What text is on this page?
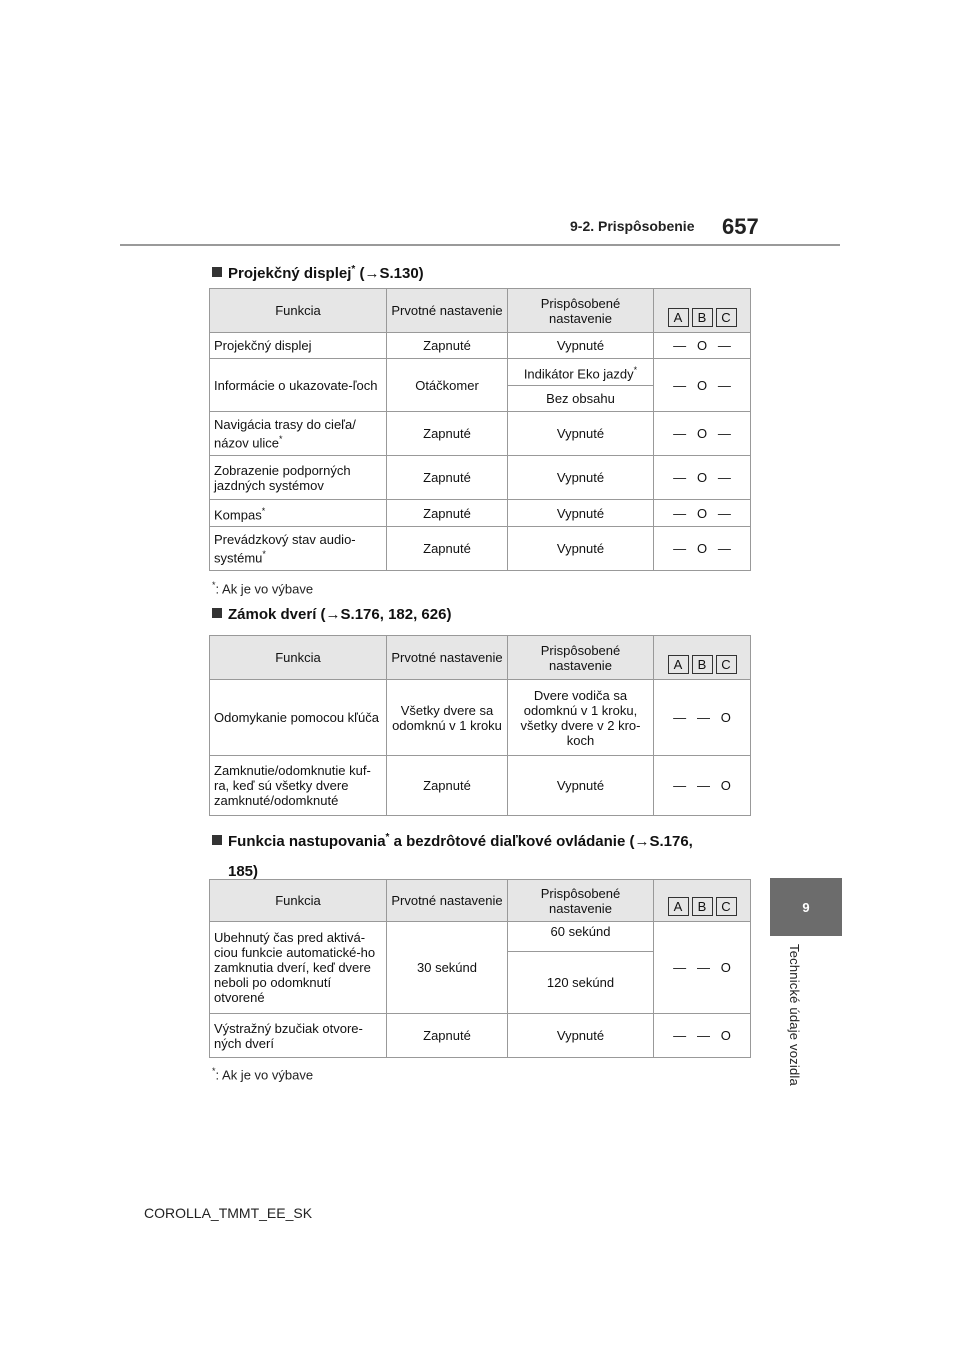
9-2. Prispôsobenie 657
9
Technické údaje vozidla
Projekčný displej* (→S.130)
Funkcia	Prvotné nastavenie	Prispôsobené nastavenie	A B C
Projekčný displej	Zapnuté	Vypnuté	— O —
Informácie o ukazovate-ľoch	Otáčkomer	Indikátor Eko jazdy*	— O —
		Bez obsahu	
Navigácia trasy do cieľa/ názov ulice*	Zapnuté	Vypnuté	— O —
Zobrazenie podporných jazdných systémov	Zapnuté	Vypnuté	— O —
Kompas*	Zapnuté	Vypnuté	— O —
Prevádzkový stav audio-systému*	Zapnuté	Vypnuté	— O —
*: Ak je vo výbave
Zámok dverí (→S.176, 182, 626)
Funkcia	Prvotné nastavenie	Prispôsobené nastavenie	A B C
Odomykanie pomocou kľúča	Všetky dvere sa odomknú v 1 kroku	Dvere vodiča sa odomknú v 1 kroku, všetky dvere v 2 kro-koch	— — O
Zamknutie/odomknutie kuf-ra, keď sú všetky dvere zamknuté/odomknuté	Zapnuté	Vypnuté	— — O
Funkcia nastupovania* a bezdrôtové diaľkové ovládanie (→S.176,
185)
Funkcia	Prvotné nastavenie	Prispôsobené nastavenie	A B C
Ubehnutý čas pred aktivá-ciou funkcie automatické-ho zamknutia dverí, keď dvere neboli po odomknutí otvorené	30 sekúnd	60 sekúnd	— — O
		120 sekúnd	
Výstražný bzučiak otvore-ných dverí	Zapnuté	Vypnuté	— — O
*: Ak je vo výbave
COROLLA_TMMT_EE_SK
